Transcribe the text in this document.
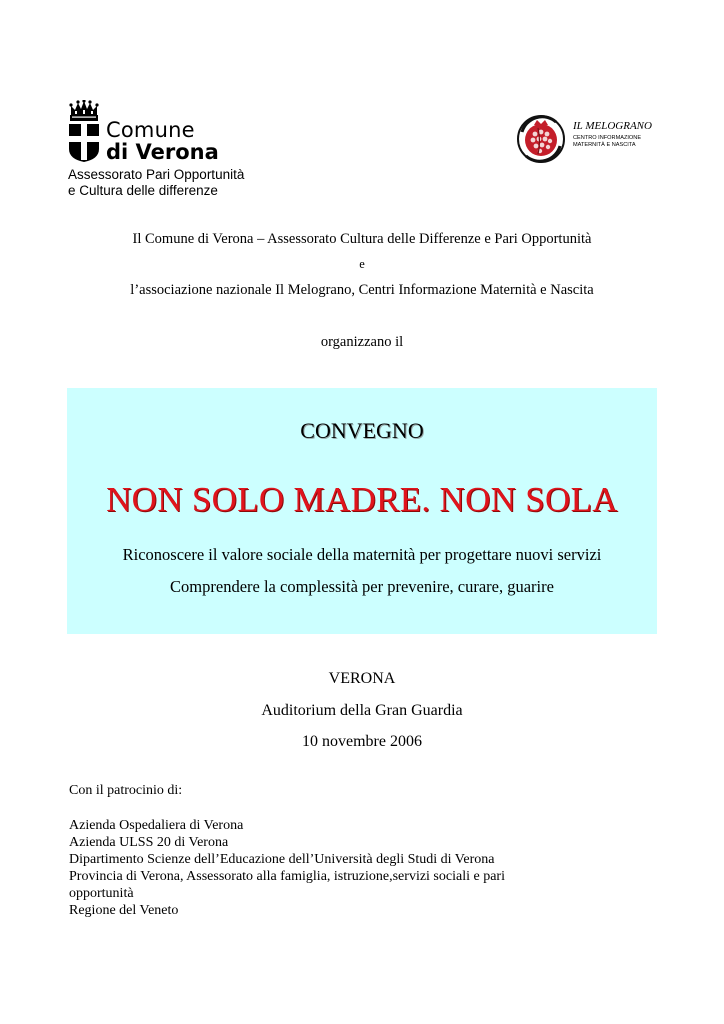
Comune
di Verona
Assessorato Pari Opportunità
e Cultura delle differenze
IL MELOGRANO
CENTRO INFORMAZIONE
MATERNITÀ E NASCITA
Il Comune di Verona – Assessorato Cultura delle Differenze e Pari Opportunità
e
l’associazione nazionale Il Melograno, Centri Informazione Maternità e Nascita
organizzano il
CONVEGNO
NON SOLO MADRE. NON SOLA
Riconoscere il valore sociale della maternità per progettare nuovi servizi
Comprendere la complessità per prevenire, curare, guarire
VERONA
Auditorium della Gran Guardia
10 novembre 2006
Con il patrocinio di:
Azienda Ospedaliera di Verona
Azienda ULSS 20 di Verona
Dipartimento Scienze dell’Educazione dell’Università degli Studi di Verona
Provincia di Verona, Assessorato alla famiglia, istruzione,servizi sociali e pari
opportunità
Regione del Veneto
